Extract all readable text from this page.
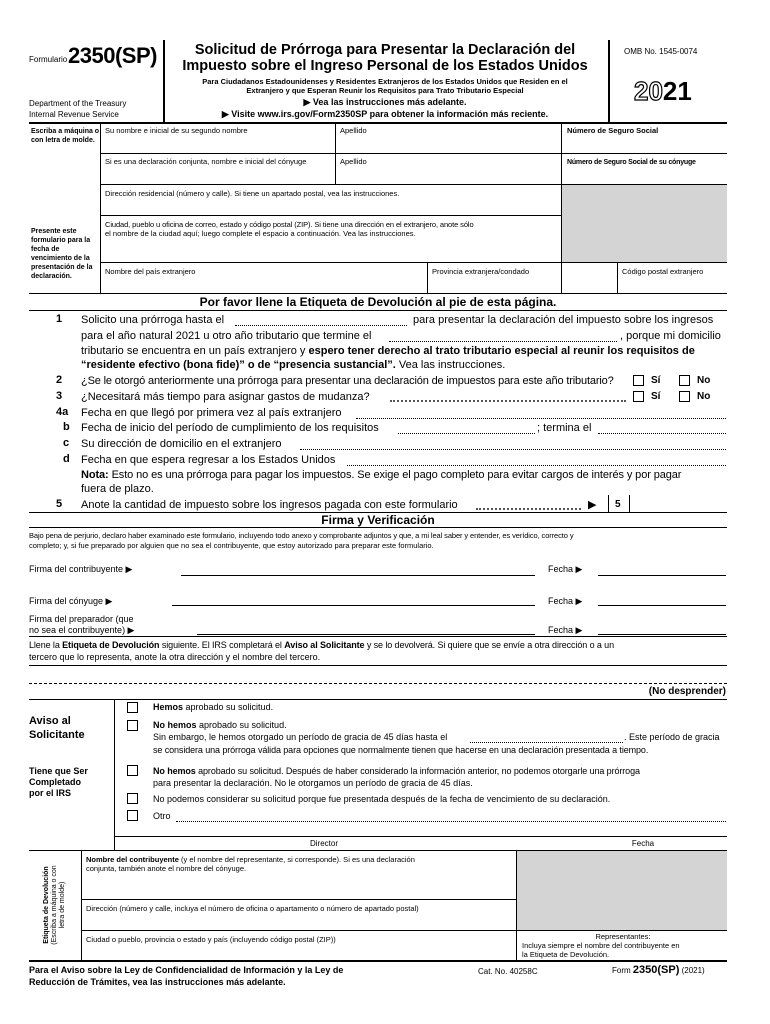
Formulario 2350(SP)
Department of the Treasury
Internal Revenue Service
Solicitud de Prórroga para Presentar la Declaración del
Impuesto sobre el Ingreso Personal de los Estados Unidos
Para Ciudadanos Estadounidenses y Residentes Extranjeros de los Estados Unidos que Residen en el
Extranjero y que Esperan Reunir los Requisitos para Trato Tributario Especial
▶ Vea las instrucciones más adelante.
▶ Visite www.irs.gov/Form2350SP para obtener la información más reciente.
OMB No. 1545-0074
2021
Escriba a máquina o con letra de molde.
Presente este formulario para la fecha de vencimiento de la presentación de la declaración.
Su nombre e inicial de su segundo nombre	Apellido	Número de Seguro Social
Si es una declaración conjunta, nombre e inicial del cónyuge	Apellido	Número de Seguro Social de su cónyuge
Dirección residencial (número y calle). Si tiene un apartado postal, vea las instrucciones.
Ciudad, pueblo u oficina de correo, estado y código postal (ZIP). Si tiene una dirección en el extranjero, anote sólo
el nombre de la ciudad aquí; luego complete el espacio a continuación. Vea las instrucciones.
Nombre del país extranjero	Provincia extranjera/condado	Código postal extranjero
Por favor llene la Etiqueta de Devolución al pie de esta página.
1 Solicito una prórroga hasta el	para presentar la declaración del impuesto sobre los ingresos
para el año natural 2021 u otro año tributario que termine el	, porque mi domicilio
tributario se encuentra en un país extranjero y espero tener derecho al trato tributario especial al reunir los requisitos de
“residente efectivo (bona fide)” o de “presencia sustancial”. Vea las instrucciones.
2 ¿Se le otorgó anteriormente una prórroga para presentar una declaración de impuestos para este año tributario?	Sí	No
3 ¿Necesitará más tiempo para asignar gastos de mudanza?	Sí	No
4a Fecha en que llegó por primera vez al país extranjero
b Fecha de inicio del período de cumplimiento de los requisitos	; termina el
c Su dirección de domicilio en el extranjero
d Fecha en que espera regresar a los Estados Unidos
Nota: Esto no es una prórroga para pagar los impuestos. Se exige el pago completo para evitar cargos de interés y por pagar
fuera de plazo.
5 Anote la cantidad de impuesto sobre los ingresos pagada con este formulario	▶ 5
Firma y Verificación
Bajo pena de perjurio, declaro haber examinado este formulario, incluyendo todo anexo y comprobante adjuntos y que, a mi leal saber y entender, es verídico, correcto y
completo; y, si fue preparado por alguien que no sea el contribuyente, que estoy autorizado para preparar este formulario.
Firma del contribuyente ▶	Fecha ▶
Firma del cónyuge ▶	Fecha ▶
Firma del preparador (que
no sea el contribuyente) ▶	Fecha ▶
Llene la Etiqueta de Devolución siguiente. El IRS completará el Aviso al Solicitante y se lo devolverá. Si quiere que se envíe a otra dirección o a un
tercero que lo representa, anote la otra dirección y el nombre del tercero.
(No desprender)
Aviso al
Solicitante
Tiene que Ser
Completado
por el IRS
Hemos aprobado su solicitud.
No hemos aprobado su solicitud.
Sin embargo, le hemos otorgado un período de gracia de 45 días hasta el	. Este período de gracia
se considera una prórroga válida para opciones que normalmente tienen que hacerse en una declaración presentada a tiempo.
No hemos aprobado su solicitud. Después de haber considerado la información anterior, no podemos otorgarle una prórroga
para presentar la declaración. No le otorgamos un período de gracia de 45 días.
No podemos considerar su solicitud porque fue presentada después de la fecha de vencimiento de su declaración.
Otro
Director	Fecha
Etiqueta de Devolución (Escriba a máquina o con letra de molde)
Nombre del contribuyente (y el nombre del representante, si corresponde). Si es una declaración
conjunta, también anote el nombre del cónyuge.
Dirección (número y calle, incluya el número de oficina o apartamento o número de apartado postal)
Ciudad o pueblo, provincia o estado y país (incluyendo código postal (ZIP))	Representantes:
Incluya siempre el nombre del contribuyente en
la Etiqueta de Devolución.
Para el Aviso sobre la Ley de Confidencialidad de Información y la Ley de
Reducción de Trámites, vea las instrucciones más adelante.
Cat. No. 40258C	Form 2350(SP) (2021)
